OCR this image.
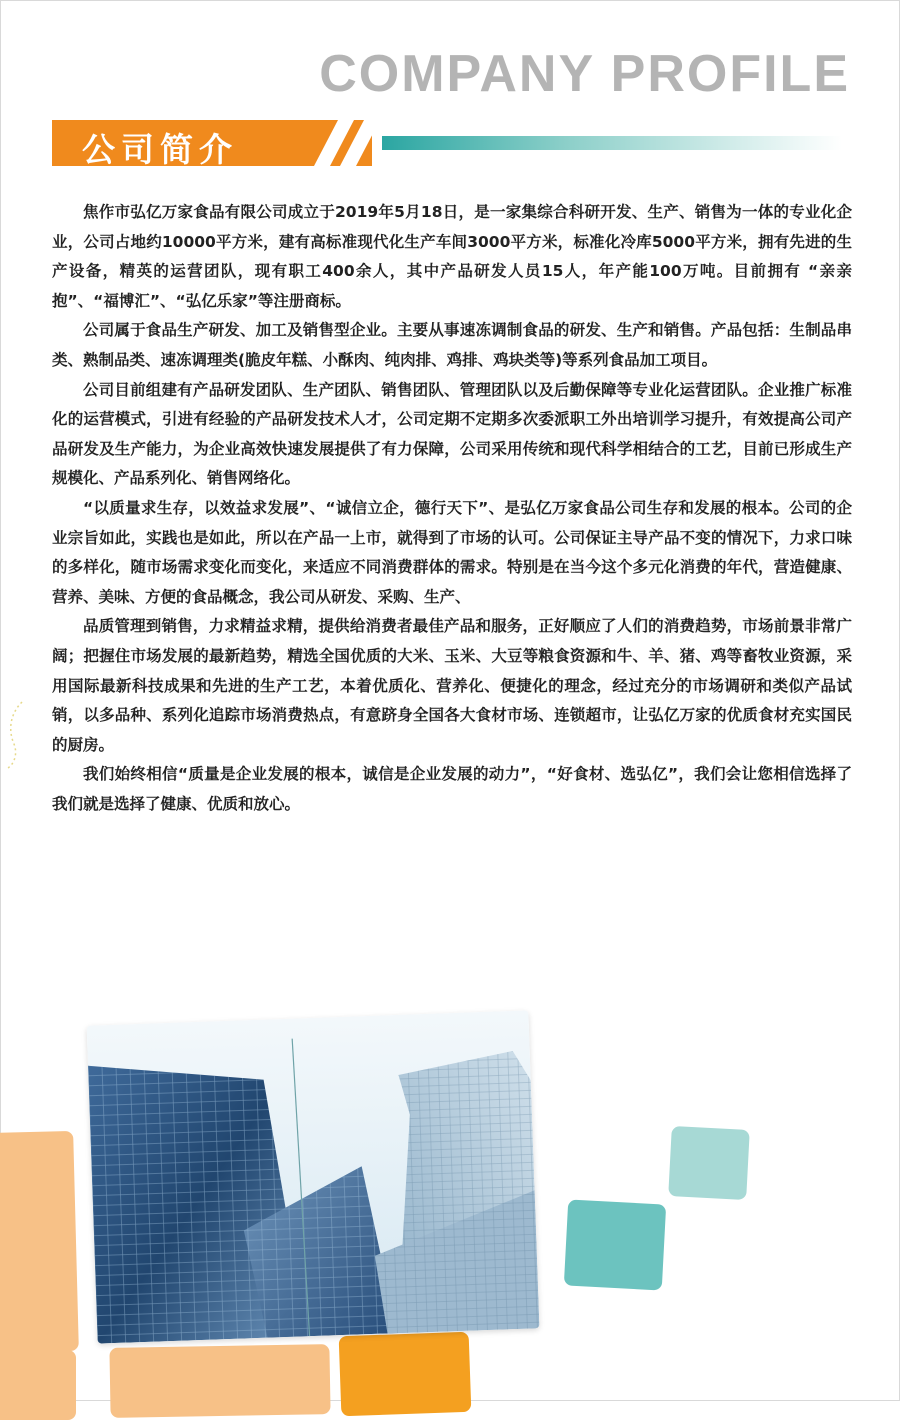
COMPANY PROFILE
公司简介

焦作市弘亿万家食品有限公司成立于2019年5月18日，是一家集综合科研开发、生产、销售为一体的专业化企业，公司占地约10000平方米，建有高标准现代化生产车间3000平方米，标准化冷库5000平方米，拥有先进的生产设备，精英的运营团队，现有职工400余人，其中产品研发人员15人，年产能100万吨。目前拥有 “亲亲抱”、“福博汇”、“弘亿乐家”等注册商标。

公司属于食品生产研发、加工及销售型企业。主要从事速冻调制食品的研发、生产和销售。产品包括：生制品串类、熟制品类、速冻调理类(脆皮年糕、小酥肉、纯肉排、鸡排、鸡块类等)等系列食品加工项目。

公司目前组建有产品研发团队、生产团队、销售团队、管理团队以及后勤保障等专业化运营团队。企业推广标准化的运营模式，引进有经验的产品研发技术人才，公司定期不定期多次委派职工外出培训学习提升，有效提高公司产品研发及生产能力，为企业高效快速发展提供了有力保障，公司采用传统和现代科学相结合的工艺，目前已形成生产规模化、产品系列化、销售网络化。

“以质量求生存，以效益求发展”、“诚信立企，德行天下”、是弘亿万家食品公司生存和发展的根本。公司的企业宗旨如此，实践也是如此，所以在产品一上市，就得到了市场的认可。公司保证主导产品不变的情况下，力求口味的多样化，随市场需求变化而变化，来适应不同消费群体的需求。特别是在当今这个多元化消费的年代，营造健康、营养、美味、方便的食品概念，我公司从研发、采购、生产、

品质管理到销售，力求精益求精，提供给消费者最佳产品和服务，正好顺应了人们的消费趋势，市场前景非常广阔；把握住市场发展的最新趋势，精选全国优质的大米、玉米、大豆等粮食资源和牛、羊、猪、鸡等畜牧业资源，采用国际最新科技成果和先进的生产工艺，本着优质化、营养化、便捷化的理念，经过充分的市场调研和类似产品试销，以多品种、系列化追踪市场消费热点，有意跻身全国各大食材市场、连锁超市，让弘亿万家的优质食材充实国民的厨房。

我们始终相信“质量是企业发展的根本，诚信是企业发展的动力”，“好食材、选弘亿”，我们会让您相信选择了我们就是选择了健康、优质和放心。
